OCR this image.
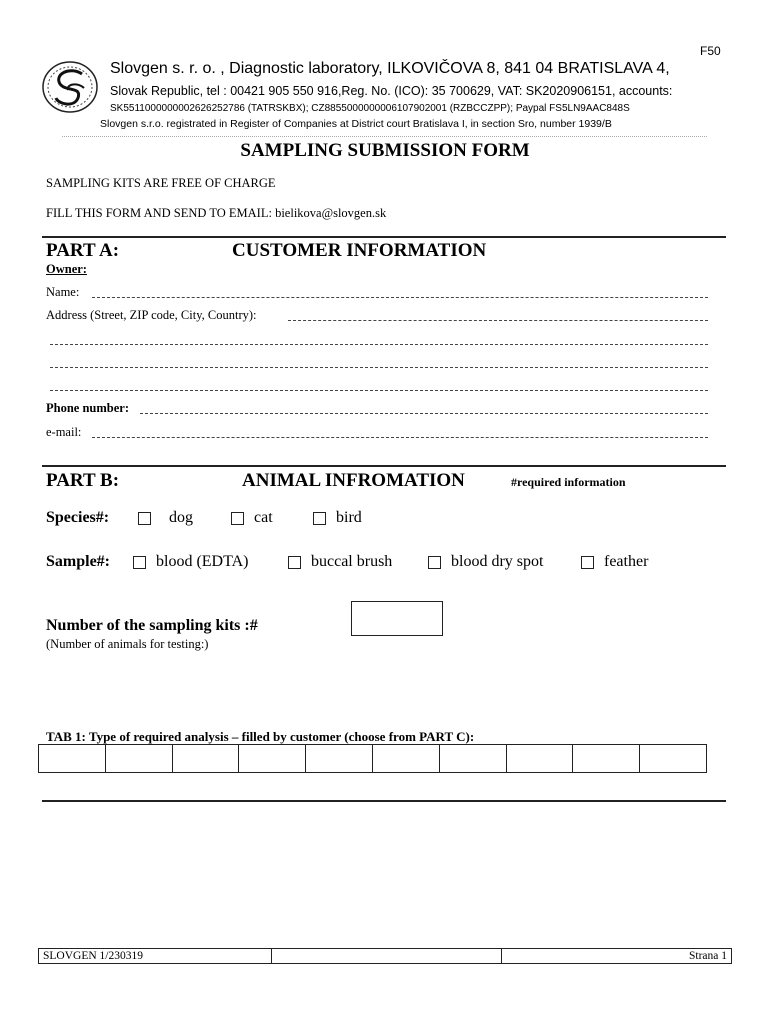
F50
Slovgen s. r. o. , Diagnostic laboratory, ILKOVIČOVA 8, 841 04 BRATISLAVA 4,
Slovak Republic, tel : 00421 905 550 916,Reg. No. (ICO): 35 700629, VAT: SK2020906151, accounts:
SK5511000000002626252786 (TATRSKBX); CZ8855000000006107902001 (RZBCCZPP); Paypal FS5LN9AAC848S
Slovgen s.r.o. registrated in Register of Companies at District court Bratislava I, in section Sro, number 1939/B
SAMPLING SUBMISSION FORM
SAMPLING KITS ARE FREE OF CHARGE
FILL THIS FORM AND SEND TO EMAIL: bielikova@slovgen.sk
PART A:	CUSTOMER INFORMATION
Owner:
Name:
Address (Street, ZIP code, City, Country):
Phone number:
e-mail:
PART B:	ANIMAL INFROMATION	#required information
Species#:	dog	cat	bird
Sample#:	blood (EDTA)	buccal brush	blood dry spot	feather
Number of the sampling kits :#
(Number of animals for testing:)
TAB 1: Type of required analysis – filled by customer (choose from PART C):

SLOVGEN 1/230319		Strana 1
